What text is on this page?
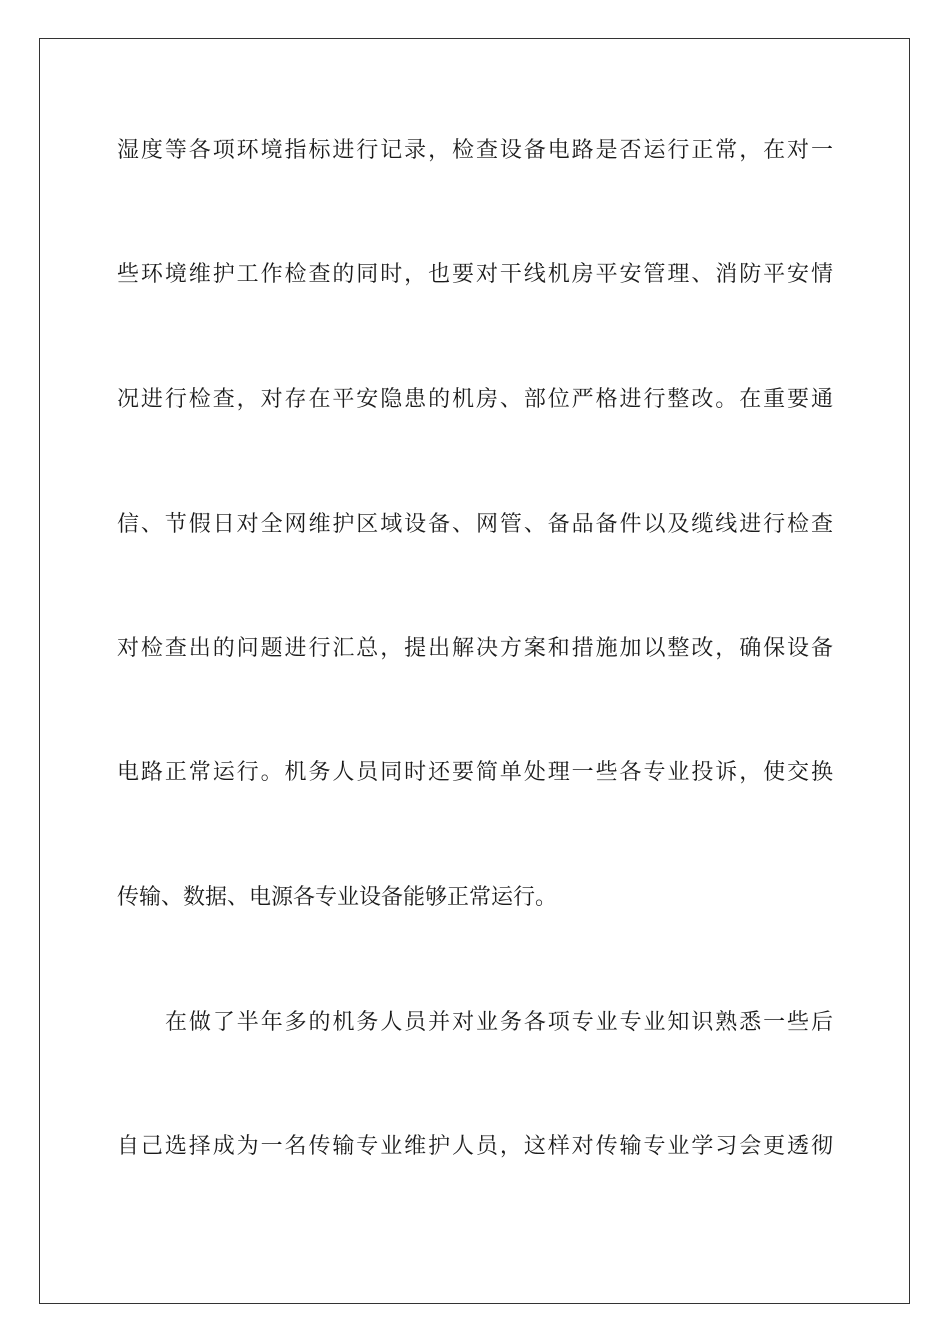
湿度等各项环境指标进行记录，检查设备电路是否运行正常，在对一
些环境维护工作检查的同时，也要对干线机房平安管理、消防平安情
况进行检查，对存在平安隐患的机房、部位严格进行整改。在重要通
信、节假日对全网维护区域设备、网管、备品备件以及缆线进行检查
对检查出的问题进行汇总，提出解决方案和措施加以整改，确保设备
电路正常运行。机务人员同时还要简单处理一些各专业投诉，使交换
传输、数据、电源各专业设备能够正常运行。
在做了半年多的机务人员并对业务各项专业专业知识熟悉一些后
自己选择成为一名传输专业维护人员，这样对传输专业学习会更透彻
